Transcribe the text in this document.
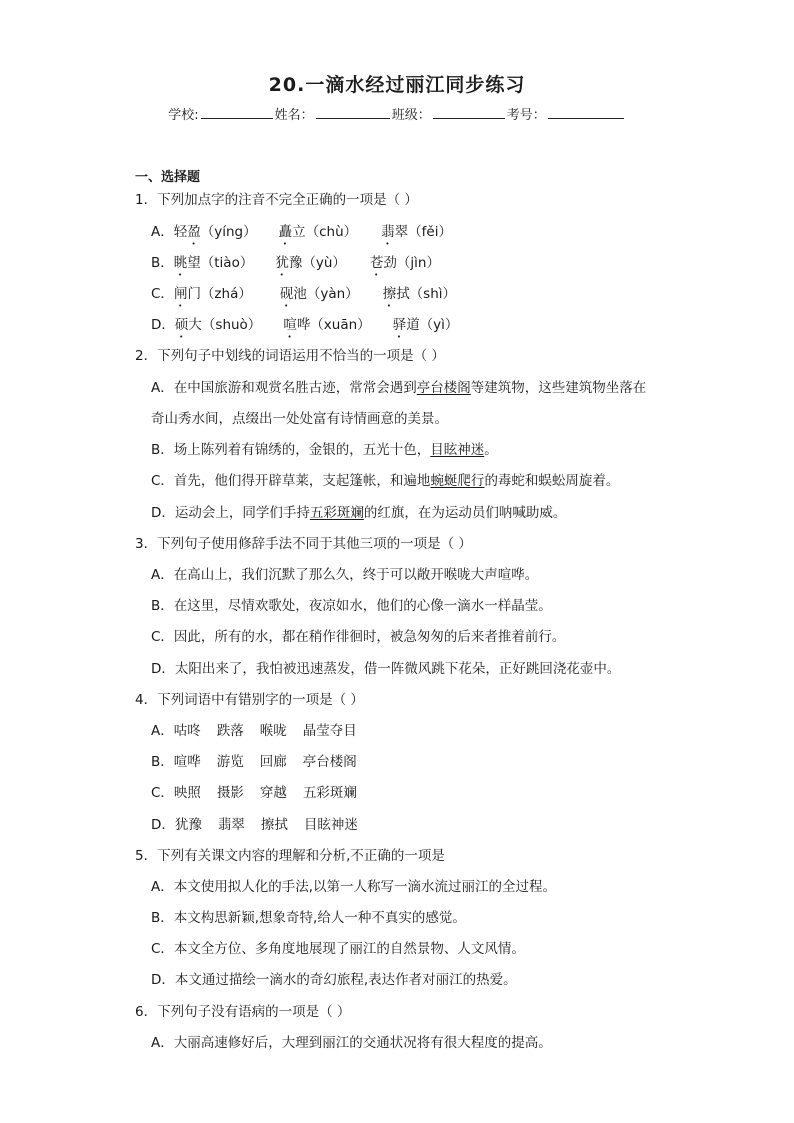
20.一滴水经过丽江同步练习
学校:	姓名：	班级：	考号：
一、选择题
1．下列加点字的注音不完全正确的一项是（ ）
A．轻盈（yíng） 矗立（chù） 翡翠（fěi）
B．眺望（tiào） 犹豫（yù） 苍劲（jìn）
C．闸门（zhá） 砚池（yàn） 擦拭（shì）
D．硕大（shuò） 喧哗（xuān） 驿道（yì）
2．下列句子中划线的词语运用不恰当的一项是（ ）
A．在中国旅游和观赏名胜古迹，常常会遇到亭台楼阁等建筑物，这些建筑物坐落在
奇山秀水间，点缀出一处处富有诗情画意的美景。
B．场上陈列着有锦绣的，金银的，五光十色，目眩神迷。
C．首先，他们得开辟草莱，支起篷帐，和遍地蜿蜒爬行的毒蛇和蜈蚣周旋着。
D．运动会上，同学们手持五彩斑斓的红旗，在为运动员们呐喊助威。
3．下列句子使用修辞手法不同于其他三项的一项是（ ）
A．在高山上，我们沉默了那么久，终于可以敞开喉咙大声喧哗。
B．在这里，尽情欢歌处，夜凉如水，他们的心像一滴水一样晶莹。
C．因此，所有的水，都在稍作徘徊时，被急匆匆的后来者推着前行。
D．太阳出来了，我怕被迅速蒸发，借一阵微风跳下花朵，正好跳回浇花壶中。
4．下列词语中有错别字的一项是（ ）
A．咕咚 跌落 喉咙 晶莹夺目
B．喧哗 游览 回廊 亭台楼阁
C．映照 摄影 穿越 五彩斑斓
D．犹豫 翡翠 擦拭 目眩神迷
5．下列有关课文内容的理解和分析,不正确的一项是
A．本文使用拟人化的手法,以第一人称写一滴水流过丽江的全过程。
B．本文构思新颖,想象奇特,给人一种不真实的感觉。
C．本文全方位、多角度地展现了丽江的自然景物、人文风情。
D．本文通过描绘一滴水的奇幻旅程,表达作者对丽江的热爱。
6．下列句子没有语病的一项是（ ）
A．大丽高速修好后，大理到丽江的交通状况将有很大程度的提高。
